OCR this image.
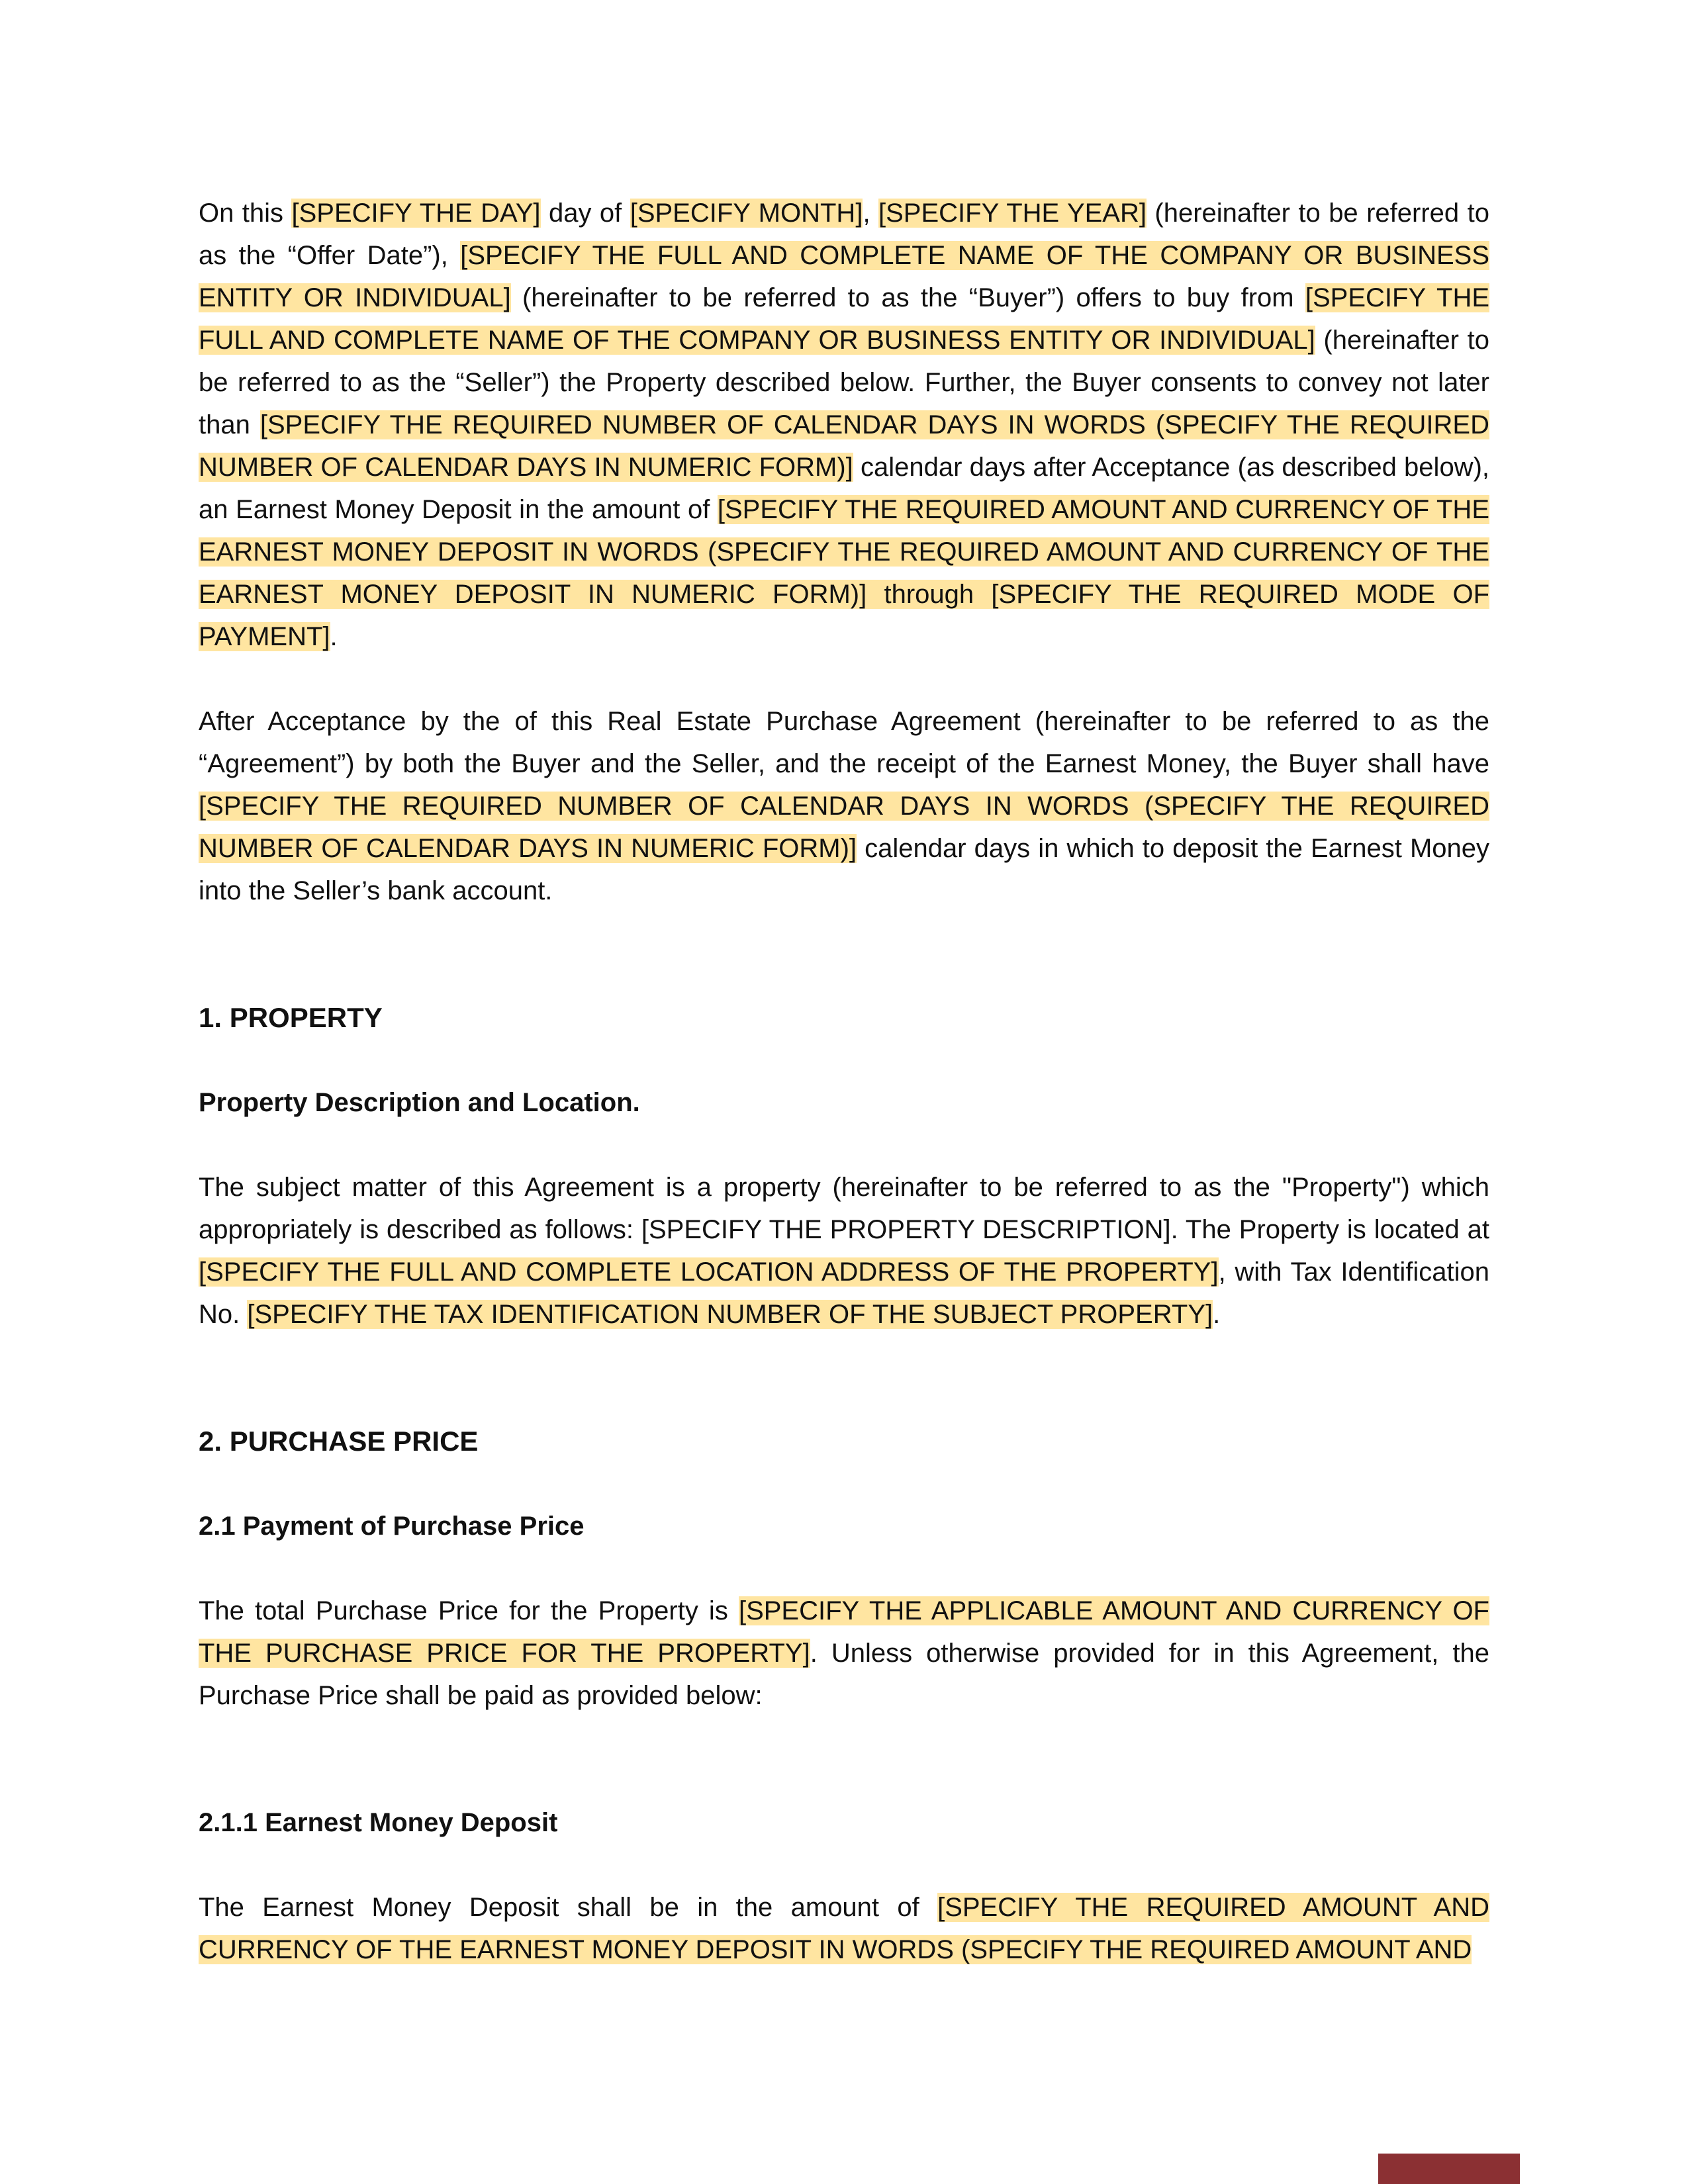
On this [SPECIFY THE DAY] day of [SPECIFY MONTH], [SPECIFY THE YEAR] (hereinafter to be referred to as the “Offer Date”), [SPECIFY THE FULL AND COMPLETE NAME OF THE COMPANY OR BUSINESS ENTITY OR INDIVIDUAL] (hereinafter to be referred to as the “Buyer”) offers to buy from [SPECIFY THE FULL AND COMPLETE NAME OF THE COMPANY OR BUSINESS ENTITY OR INDIVIDUAL] (hereinafter to be referred to as the “Seller”) the Property described below. Further, the Buyer consents to convey not later than [SPECIFY THE REQUIRED NUMBER OF CALENDAR DAYS IN WORDS (SPECIFY THE REQUIRED NUMBER OF CALENDAR DAYS IN NUMERIC FORM)] calendar days after Acceptance (as described below), an Earnest Money Deposit in the amount of [SPECIFY THE REQUIRED AMOUNT AND CURRENCY OF THE EARNEST MONEY DEPOSIT IN WORDS (SPECIFY THE REQUIRED AMOUNT AND CURRENCY OF THE EARNEST MONEY DEPOSIT IN NUMERIC FORM)] through [SPECIFY THE REQUIRED MODE OF PAYMENT].

After Acceptance by the of this Real Estate Purchase Agreement (hereinafter to be referred to as the “Agreement”) by both the Buyer and the Seller, and the receipt of the Earnest Money, the Buyer shall have [SPECIFY THE REQUIRED NUMBER OF CALENDAR DAYS IN WORDS (SPECIFY THE REQUIRED NUMBER OF CALENDAR DAYS IN NUMERIC FORM)] calendar days in which to deposit the Earnest Money into the Seller’s bank account.

1. PROPERTY
Property Description and Location.

The subject matter of this Agreement is a property (hereinafter to be referred to as the "Property") which appropriately is described as follows: [SPECIFY THE PROPERTY DESCRIPTION]. The Property is located at [SPECIFY THE FULL AND COMPLETE LOCATION ADDRESS OF THE PROPERTY], with Tax Identification No. [SPECIFY THE TAX IDENTIFICATION NUMBER OF THE SUBJECT PROPERTY].

2. PURCHASE PRICE
2.1 Payment of Purchase Price

The total Purchase Price for the Property is [SPECIFY THE APPLICABLE AMOUNT AND CURRENCY OF THE PURCHASE PRICE FOR THE PROPERTY]. Unless otherwise provided for in this Agreement, the Purchase Price shall be paid as provided below:

2.1.1 Earnest Money Deposit

The Earnest Money Deposit shall be in the amount of [SPECIFY THE REQUIRED AMOUNT AND CURRENCY OF THE EARNEST MONEY DEPOSIT IN WORDS (SPECIFY THE REQUIRED AMOUNT AND
